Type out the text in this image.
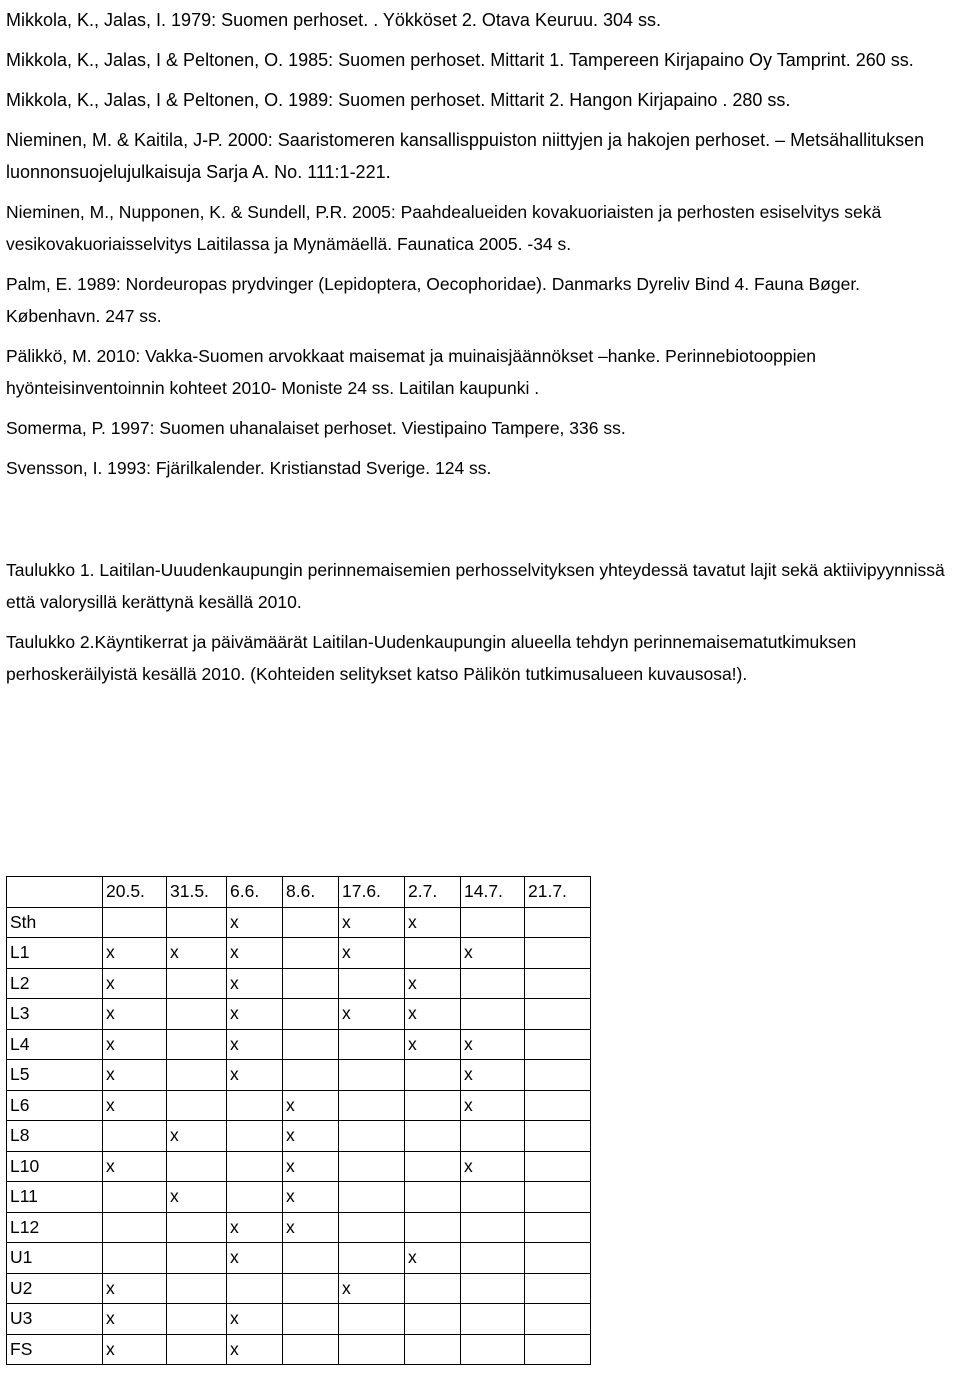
Mikkola, K., Jalas, I. 1979: Suomen perhoset. . Yökköset 2. Otava Keuruu. 304 ss.

Mikkola, K., Jalas, I & Peltonen, O. 1985: Suomen perhoset. Mittarit 1. Tampereen Kirjapaino Oy Tamprint. 260 ss.

Mikkola, K., Jalas, I & Peltonen, O. 1989: Suomen perhoset. Mittarit 2. Hangon Kirjapaino . 280 ss.

Nieminen, M. & Kaitila, J-P. 2000: Saaristomeren kansallisppuiston niittyjen ja hakojen perhoset. – Metsähallituksen luonnonsuojelujulkaisuja Sarja A. No. 111:1-221.

Nieminen, M., Nupponen, K. & Sundell, P.R. 2005: Paahdealueiden kovakuoriaisten ja perhosten esiselvitys sekä vesikovakuoriaisselvitys Laitilassa ja Mynämäellä. Faunatica 2005. -34 s.

Palm, E. 1989: Nordeuropas prydvinger (Lepidoptera, Oecophoridae). Danmarks Dyreliv Bind 4. Fauna Bøger. København. 247 ss.

Pälikkö, M. 2010: Vakka-Suomen arvokkaat maisemat ja muinaisjäännökset –hanke. Perinnebiotooppien hyönteisinventoinnin kohteet 2010- Moniste 24 ss. Laitilan kaupunki .

Somerma, P. 1997: Suomen uhanalaiset perhoset. Viestipaino Tampere, 336 ss.

Svensson, I. 1993: Fjärilkalender. Kristianstad Sverige. 124 ss.

Taulukko 1. Laitilan-Uuudenkaupungin perinnemaisemien perhosselvityksen yhteydessä tavatut lajit sekä aktiivipyynnissä että valorysillä kerättynä kesällä 2010.

Taulukko 2.Käyntikerrat ja päivämäärät Laitilan-Uudenkaupungin alueella tehdyn perinnemaisematutkimuksen perhoskeräilyistä kesällä 2010. (Kohteiden selitykset katso Pälikön tutkimusalueen kuvausosa!).

	20.5.	31.5.	6.6.	8.6.	17.6.	2.7.	14.7.	21.7.
Sth			x		x	x		
L1	x	x	x		x		x	
L2	x		x			x		
L3	x		x		x	x		
L4	x		x			x	x	
L5	x		x				x	
L6	x			x			x	
L8		x		x				
L10	x			x			x	
L11		x		x				
L12			x	x				
U1			x			x		
U2	x				x			
U3	x		x					
FS	x		x					
